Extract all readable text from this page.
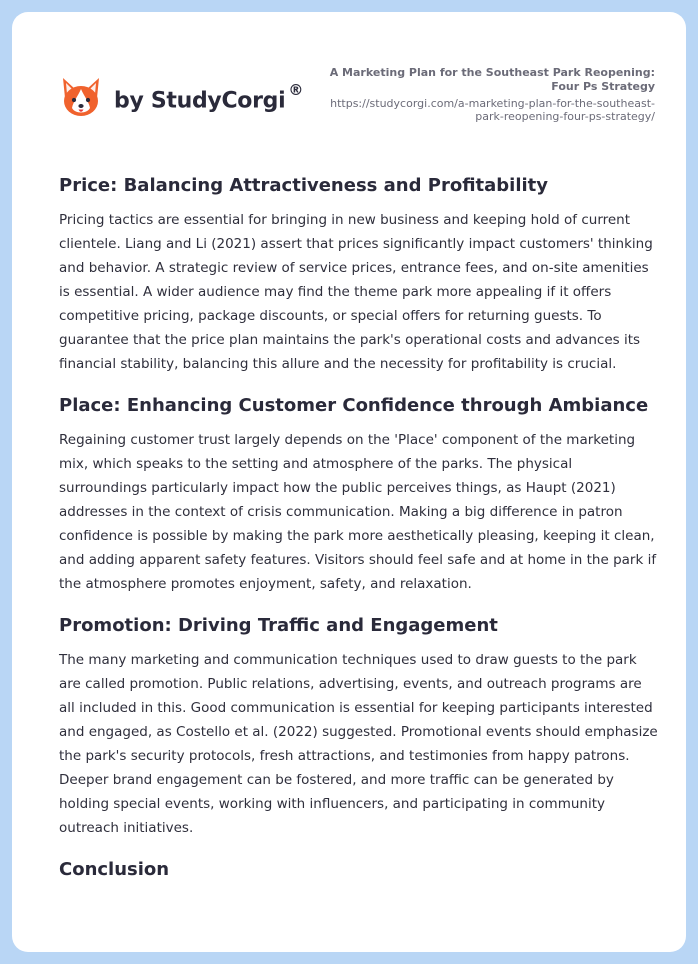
by StudyCorgi ®
A Marketing Plan for the Southeast Park Reopening: Four Ps Strategy
https://studycorgi.com/a-marketing-plan-for-the-southeast-park-reopening-four-ps-strategy/
Price: Balancing Attractiveness and Profitability

Pricing tactics are essential for bringing in new business and keeping hold of current clientele. Liang and Li (2021) assert that prices significantly impact customers' thinking and behavior. A strategic review of service prices, entrance fees, and on-site amenities is essential. A wider audience may find the theme park more appealing if it offers competitive pricing, package discounts, or special offers for returning guests. To guarantee that the price plan maintains the park's operational costs and advances its financial stability, balancing this allure and the necessity for profitability is crucial.

Place: Enhancing Customer Confidence through Ambiance

Regaining customer trust largely depends on the 'Place' component of the marketing mix, which speaks to the setting and atmosphere of the parks. The physical surroundings particularly impact how the public perceives things, as Haupt (2021) addresses in the context of crisis communication. Making a big difference in patron confidence is possible by making the park more aesthetically pleasing, keeping it clean, and adding apparent safety features. Visitors should feel safe and at home in the park if the atmosphere promotes enjoyment, safety, and relaxation.

Promotion: Driving Traffic and Engagement

The many marketing and communication techniques used to draw guests to the park are called promotion. Public relations, advertising, events, and outreach programs are all included in this. Good communication is essential for keeping participants interested and engaged, as Costello et al. (2022) suggested. Promotional events should emphasize the park's security protocols, fresh attractions, and testimonies from happy patrons. Deeper brand engagement can be fostered, and more traffic can be generated by holding special events, working with influencers, and participating in community outreach initiatives.

Conclusion
